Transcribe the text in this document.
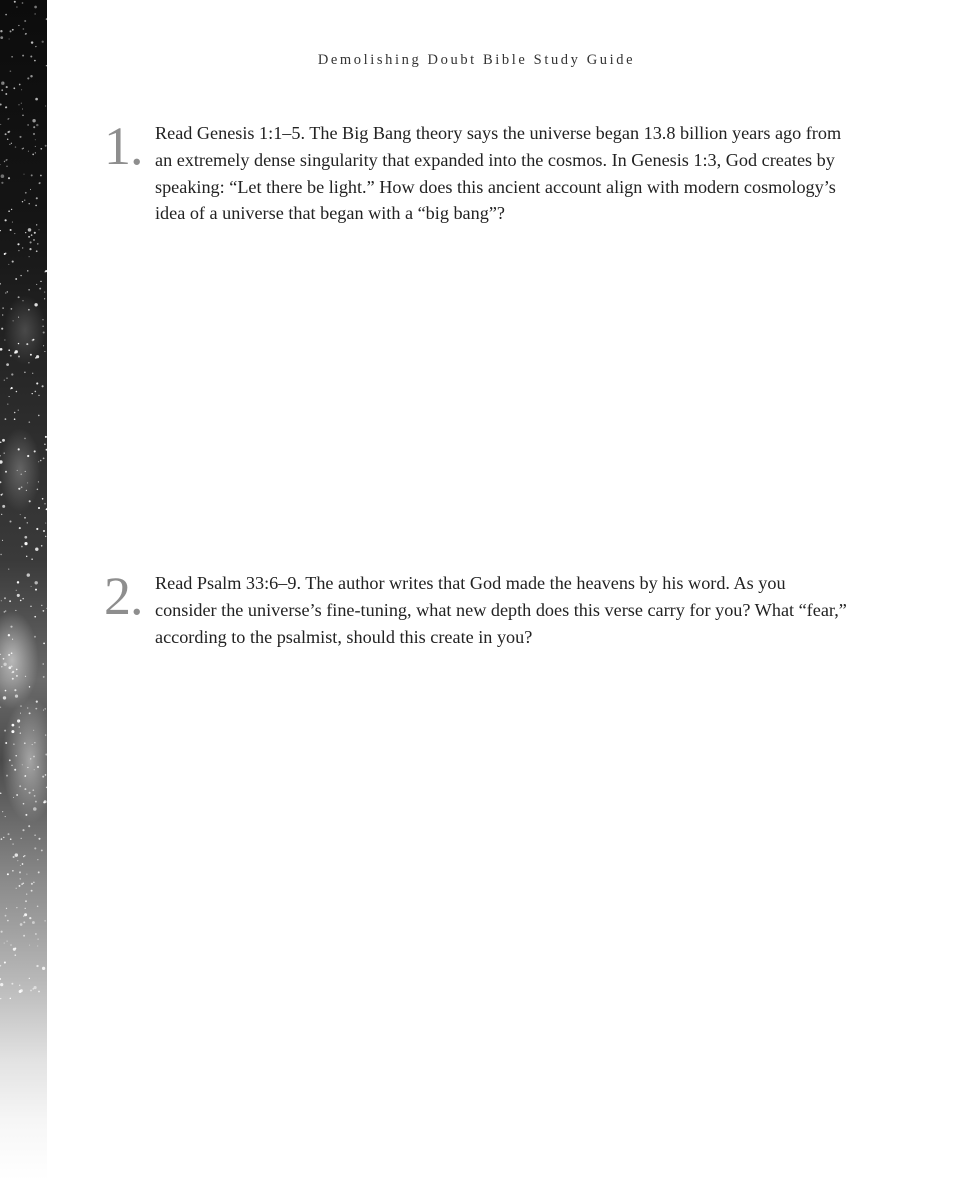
Demolishing Doubt Bible Study Guide
1. Read Genesis 1:1–5. The Big Bang theory says the universe began 13.8 billion years ago from an extremely dense singularity that expanded into the cosmos. In Genesis 1:3, God creates by speaking: “Let there be light.” How does this ancient account align with modern cosmology’s idea of a universe that began with a “big bang”?

2. Read Psalm 33:6–9. The author writes that God made the heavens by his word. As you consider the universe’s fine-tuning, what new depth does this verse carry for you? What “fear,” according to the psalmist, should this create in you?
